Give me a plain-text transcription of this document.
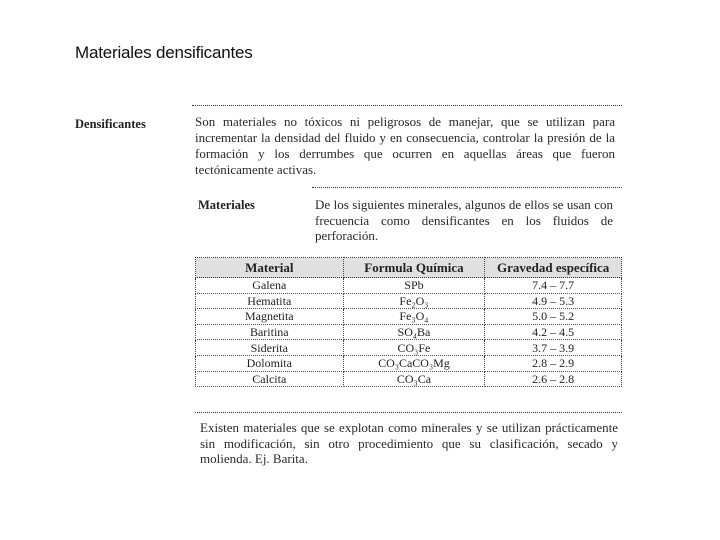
Materiales densificantes
Densificantes	Son materiales no tóxicos ni peligrosos de manejar, que se utilizan para incrementar la densidad del fluido y en consecuencia, controlar la presión de la formación y los derrumbes que ocurren en aquellas áreas que fueron tectónicamente activas.
Materiales	De los siguientes minerales, algunos de ellos se usan con frecuencia como densificantes en los fluidos de perforación.
Material	Formula Química	Gravedad específica
Galena	SPb	7.4 – 7.7
Hematita	Fe₂O₃	4.9 – 5.3
Magnetita	Fe₃O₄	5.0 – 5.2
Baritina	SO₄Ba	4.2 – 4.5
Siderita	CO₃Fe	3.7 – 3.9
Dolomita	CO₃CaCO₃Mg	2.8 – 2.9
Calcita	CO₃Ca	2.6 – 2.8
Existen materiales que se explotan como minerales y se utilizan prácticamente sin modificación, sin otro procedimiento que su clasificación, secado y molienda. Ej. Barita.
